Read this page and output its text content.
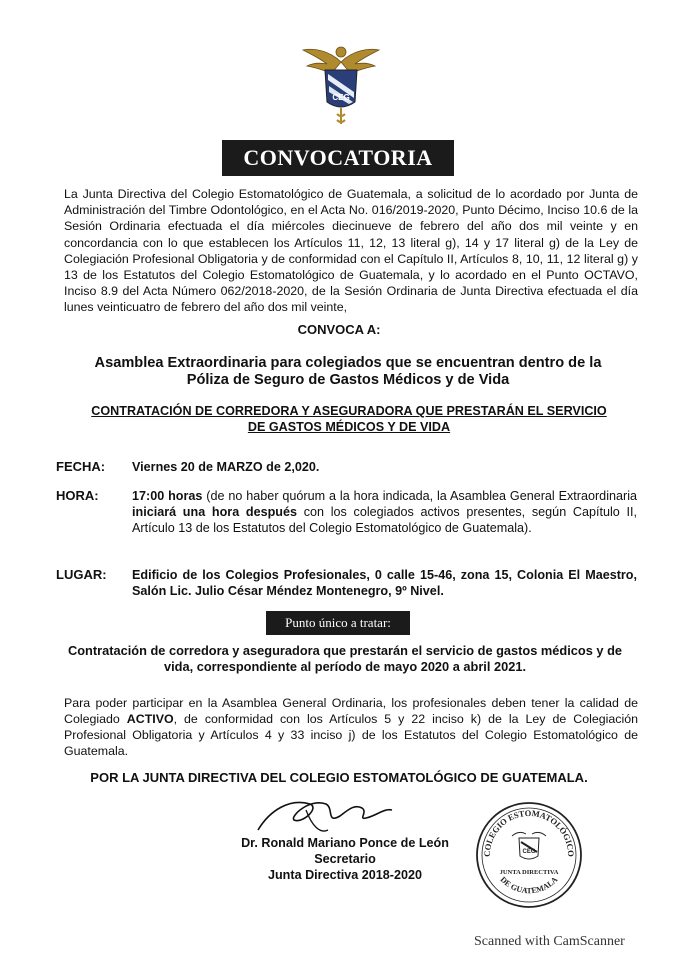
CEG
CONVOCATORIA
La Junta Directiva del Colegio Estomatológico de Guatemala, a solicitud de lo acordado por Junta de Administración del Timbre Odontológico, en el Acta No. 016/2019-2020, Punto Décimo, Inciso 10.6 de la Sesión Ordinaria efectuada el día miércoles diecinueve de febrero del año dos mil veinte y en concordancia con lo que establecen los Artículos 11, 12, 13 literal g), 14 y 17 literal g) de la Ley de Colegiación Profesional Obligatoria y de conformidad con el Capítulo II, Artículos 8, 10, 11, 12 literal g) y 13 de los Estatutos del Colegio Estomatológico de Guatemala, y lo acordado en el Punto OCTAVO, Inciso 8.9 del Acta Número 062/2018-2020, de la Sesión Ordinaria de Junta Directiva efectuada el día lunes veinticuatro de febrero del año dos mil veinte,
CONVOCA A:
Asamblea Extraordinaria para colegiados que se encuentran dentro de la
Póliza de Seguro de Gastos Médicos y de Vida
CONTRATACIÓN DE CORREDORA Y ASEGURADORA QUE PRESTARÁN EL SERVICIO
DE GASTOS MÉDICOS Y DE VIDA
FECHA: Viernes 20 de MARZO de 2,020.
HORA:	17:00 horas (de no haber quórum a la hora indicada, la Asamblea General Extraordinaria iniciará una hora después con los colegiados activos presentes, según Capítulo II, Artículo 13 de los Estatutos del Colegio Estomatológico de Guatemala).
LUGAR: Edificio de los Colegios Profesionales, 0 calle 15-46, zona 15, Colonia El Maestro, Salón Lic. Julio César Méndez Montenegro, 9º Nivel.
Punto único a tratar:
Contratación de corredora y aseguradora que prestarán el servicio de gastos médicos y de
vida, correspondiente al período de mayo 2020 a abril 2021.
Para poder participar en la Asamblea General Ordinaria, los profesionales deben tener la calidad de Colegiado ACTIVO, de conformidad con los Artículos 5 y 22 inciso k) de la Ley de Colegiación Profesional Obligatoria y Artículos 4 y 33 inciso j) de los Estatutos del Colegio Estomatológico de Guatemala.
POR LA JUNTA DIRECTIVA DEL COLEGIO ESTOMATOLÓGICO DE GUATEMALA.
Dr. Ronald Mariano Ponce de León
Secretario
Junta Directiva 2018-2020
COLEGIO ESTOMATOLÓGICO
DE GUATEMALA
CEG
JUNTA DIRECTIVA
Scanned with CamScanner
